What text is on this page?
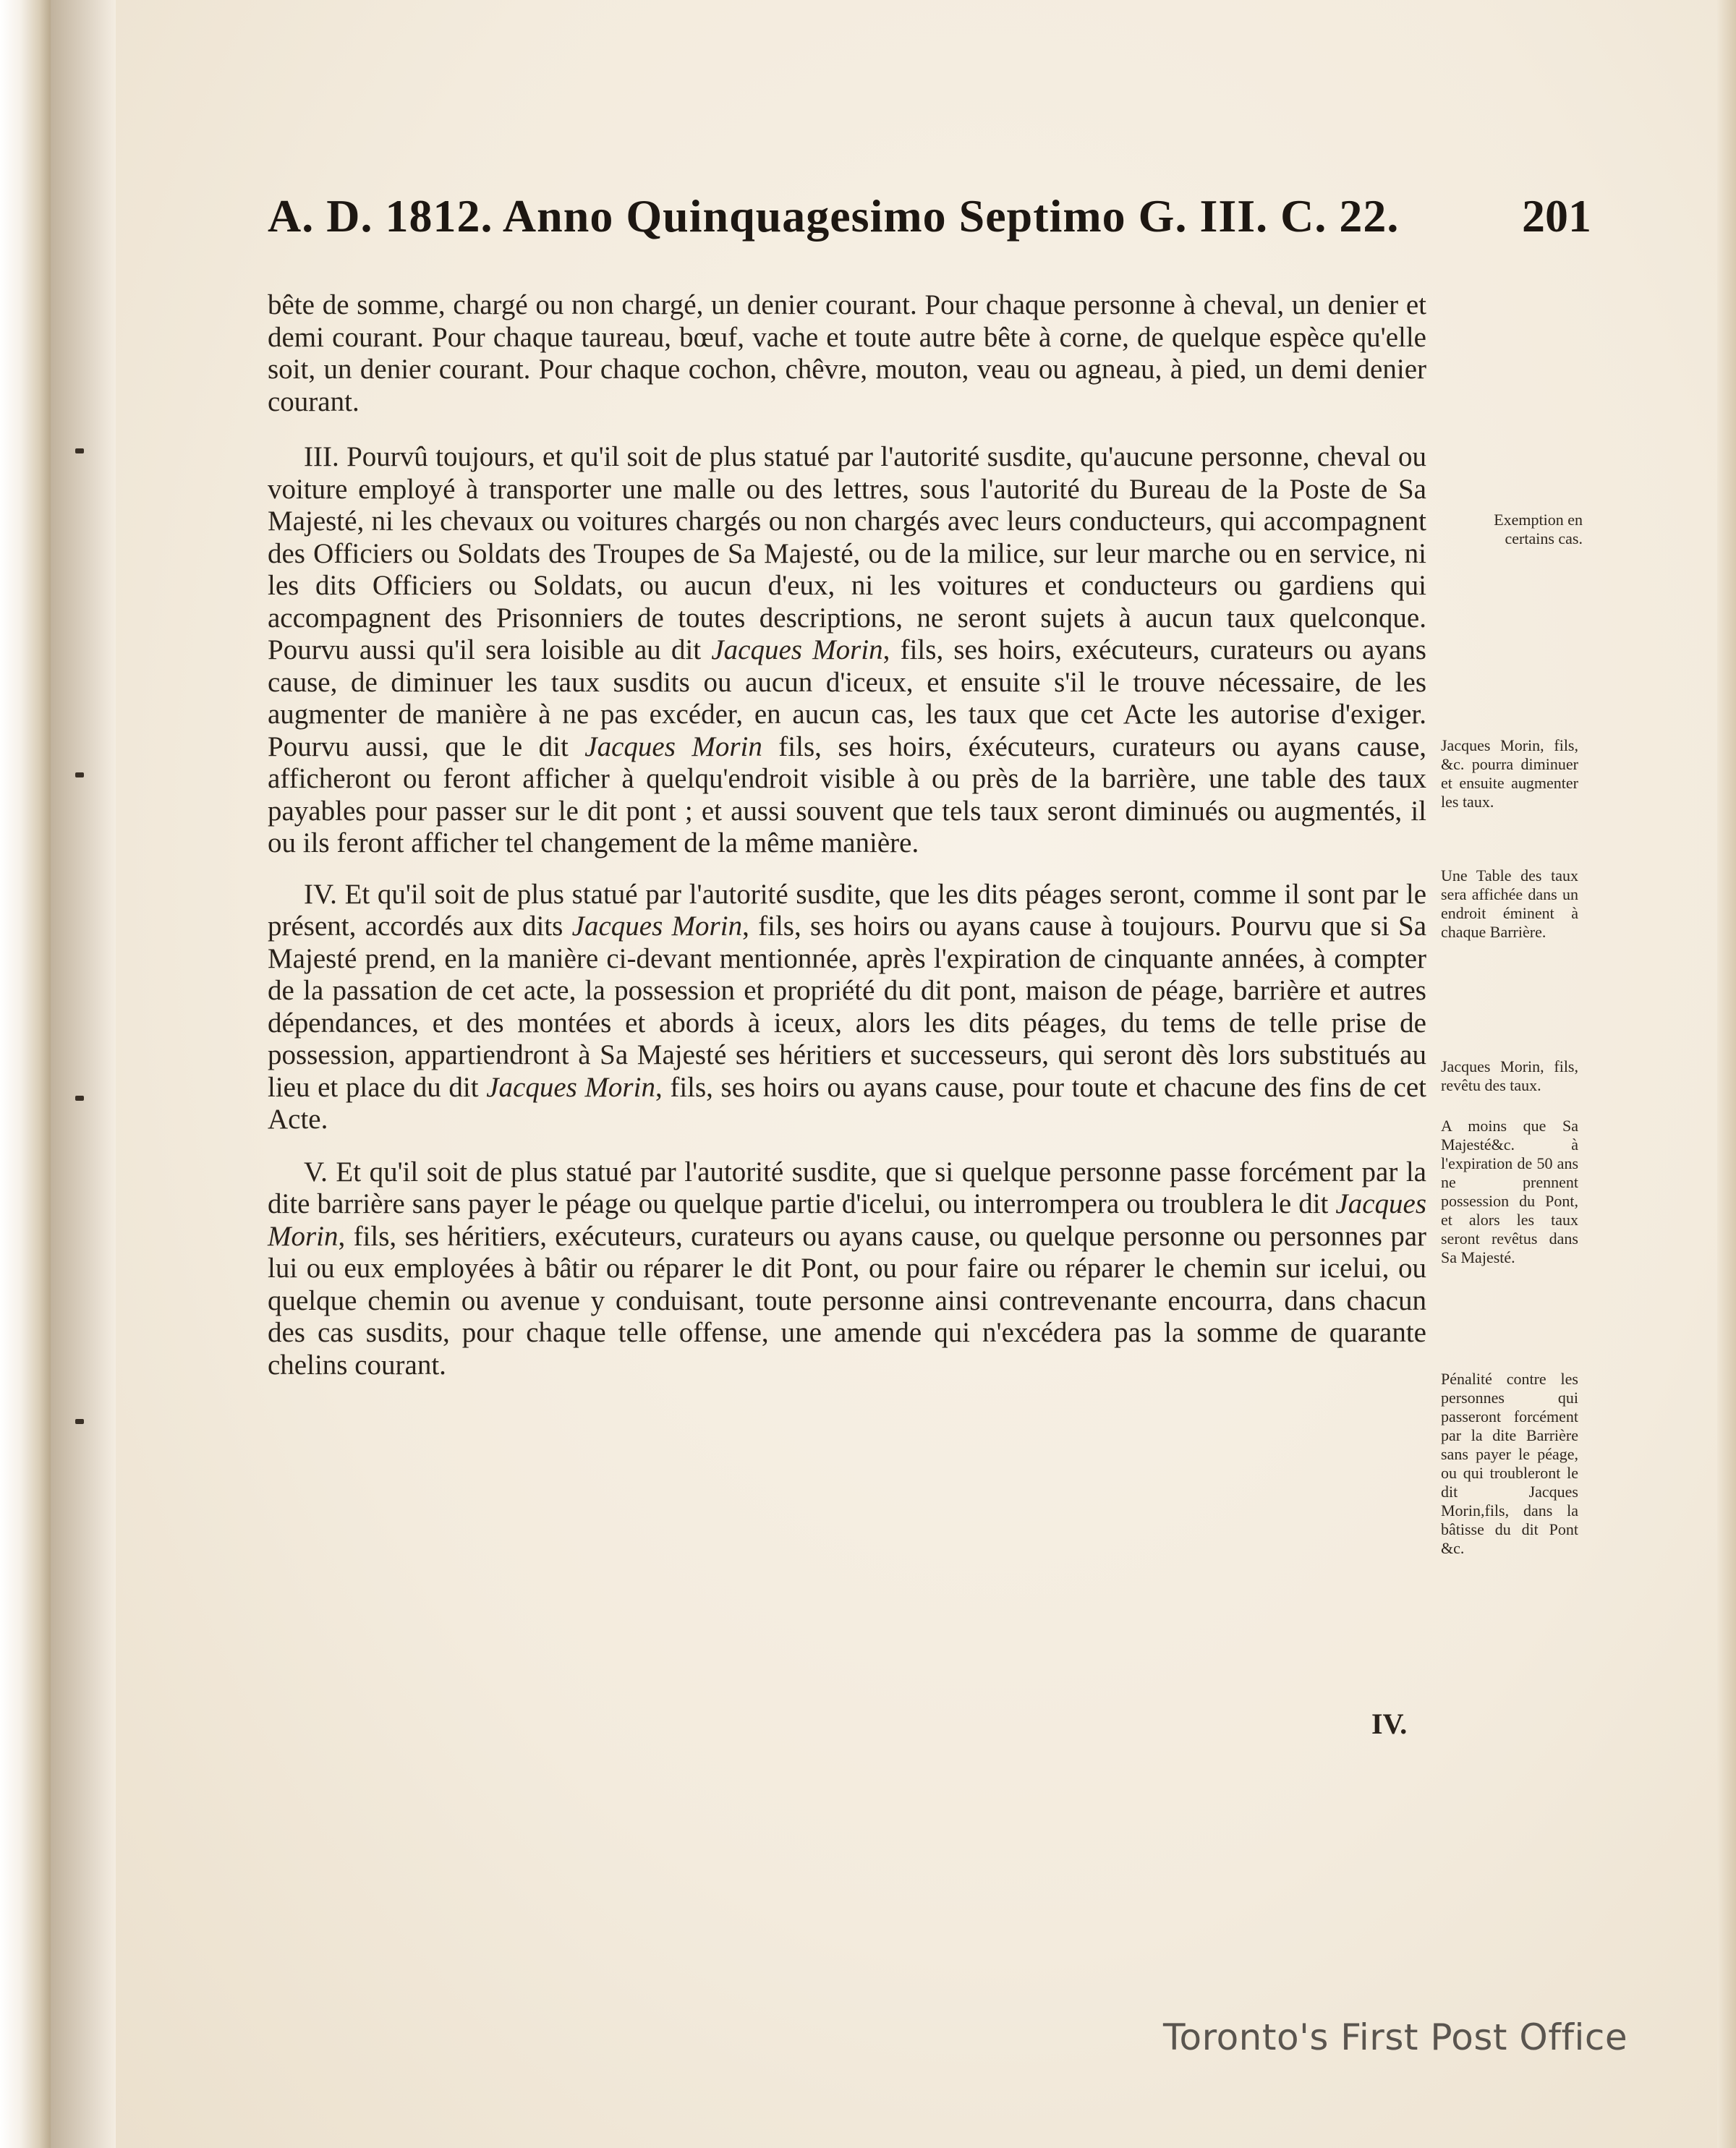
A. D. 1812. Anno Quinquagesimo Septimo G. III. C. 22.	201

bête de somme, chargé ou non chargé, un denier courant. Pour chaque personne à cheval, un denier et demi courant. Pour chaque taureau, bœuf, vache et toute autre bête à corne, de quelque espèce qu'elle soit, un denier courant. Pour chaque cochon, chêvre, mouton, veau ou agneau, à pied, un demi denier courant.

III. Pourvû toujours, et qu'il soit de plus statué par l'autorité susdite, qu'aucune personne, cheval ou voiture employé à transporter une malle ou des lettres, sous l'autorité du Bureau de la Poste de Sa Majesté, ni les chevaux ou voitures chargés ou non chargés avec leurs conducteurs, qui accompagnent des Officiers ou Soldats des Troupes de Sa Majesté, ou de la milice, sur leur marche ou en service, ni les dits Officiers ou Soldats, ou aucun d'eux, ni les voitures et conducteurs ou gardiens qui accompagnent des Prisonniers de toutes descriptions, ne seront sujets à aucun taux quelconque. Pourvu aussi qu'il sera loisible au dit Jacques Morin, fils, ses hoirs, exécuteurs, curateurs ou ayans cause, de diminuer les taux susdits ou aucun d'iceux, et ensuite s'il le trouve nécessaire, de les augmenter de manière à ne pas excéder, en aucun cas, les taux que cet Acte les autorise d'exiger. Pourvu aussi, que le dit Jacques Morin fils, ses hoirs, éxécuteurs, curateurs ou ayans cause, afficheront ou feront afficher à quelqu'endroit visible à ou près de la barrière, une table des taux payables pour passer sur le dit pont ; et aussi souvent que tels taux seront diminués ou augmentés, il ou ils feront afficher tel changement de la même manière.

IV. Et qu'il soit de plus statué par l'autorité susdite, que les dits péages seront, comme il sont par le présent, accordés aux dits Jacques Morin, fils, ses hoirs ou ayans cause à toujours. Pourvu que si Sa Majesté prend, en la manière ci-devant mentionnée, après l'expiration de cinquante années, à compter de la passation de cet acte, la possession et propriété du dit pont, maison de péage, barrière et autres dépendances, et des montées et abords à iceux, alors les dits péages, du tems de telle prise de possession, appartiendront à Sa Majesté ses héritiers et successeurs, qui seront dès lors substitués au lieu et place du dit Jacques Morin, fils, ses hoirs ou ayans cause, pour toute et chacune des fins de cet Acte.

V. Et qu'il soit de plus statué par l'autorité susdite, que si quelque personne passe forcément par la dite barrière sans payer le péage ou quelque partie d'icelui, ou interrompera ou troublera le dit Jacques Morin, fils, ses héritiers, exécuteurs, curateurs ou ayans cause, ou quelque personne ou personnes par lui ou eux employées à bâtir ou réparer le dit Pont, ou pour faire ou réparer le chemin sur icelui, ou quelque chemin ou avenue y conduisant, toute personne ainsi contrevenante encourra, dans chacun des cas susdits, pour chaque telle offense, une amende qui n'excédera pas la somme de quarante chelins courant.

Exemption en certains cas.
Jacques Morin, fils, &c. pourra diminuer et ensuite augmenter les taux.
Une Table des taux sera affichée dans un endroit éminent à chaque Barrière.
Jacques Morin, fils, revêtu des taux.
A moins que Sa Majesté&c. à l'expiration de 50 ans ne prennent possession du Pont, et alors les taux seront revêtus dans Sa Majesté.
Pénalité contre les personnes qui passeront forcément par la dite Barrière sans payer le péage, ou qui troubleront le dit Jacques Morin,fils, dans la bâtisse du dit Pont &c.
IV.
Toronto's First Post Office
